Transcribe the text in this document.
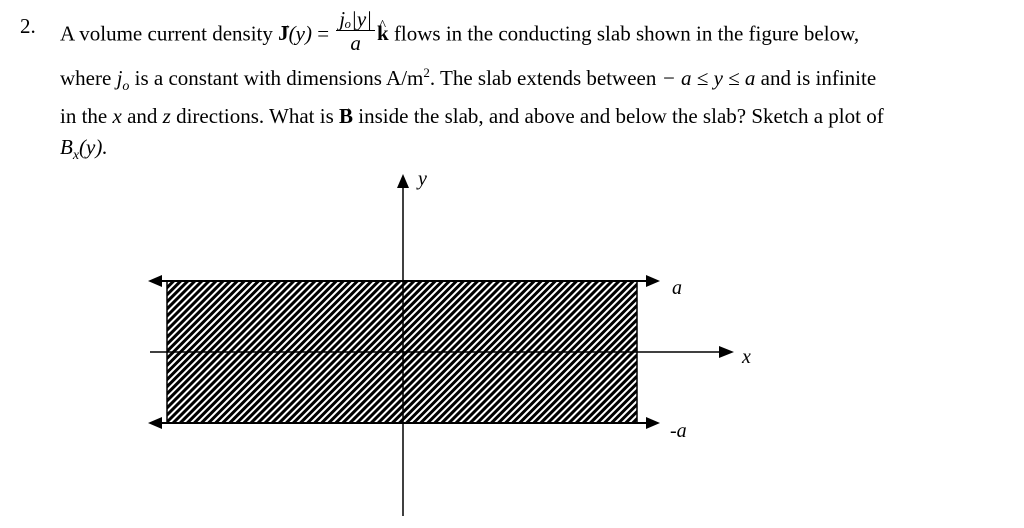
2. A volume current density → $J(y) = \frac{\text{jₒ|y|}}{a}$
^ k flows in the conducting slab shown in the figure below,
where $j_o$ is a constant with dimensions $A/m^2$. The slab extends between − a ≤ y ≤ a and is infinite
in the x and z directions. What is → B inside the slab, and above and below the slab? Sketch a plot of
$B_x(y)$.
y
x
a
-a
